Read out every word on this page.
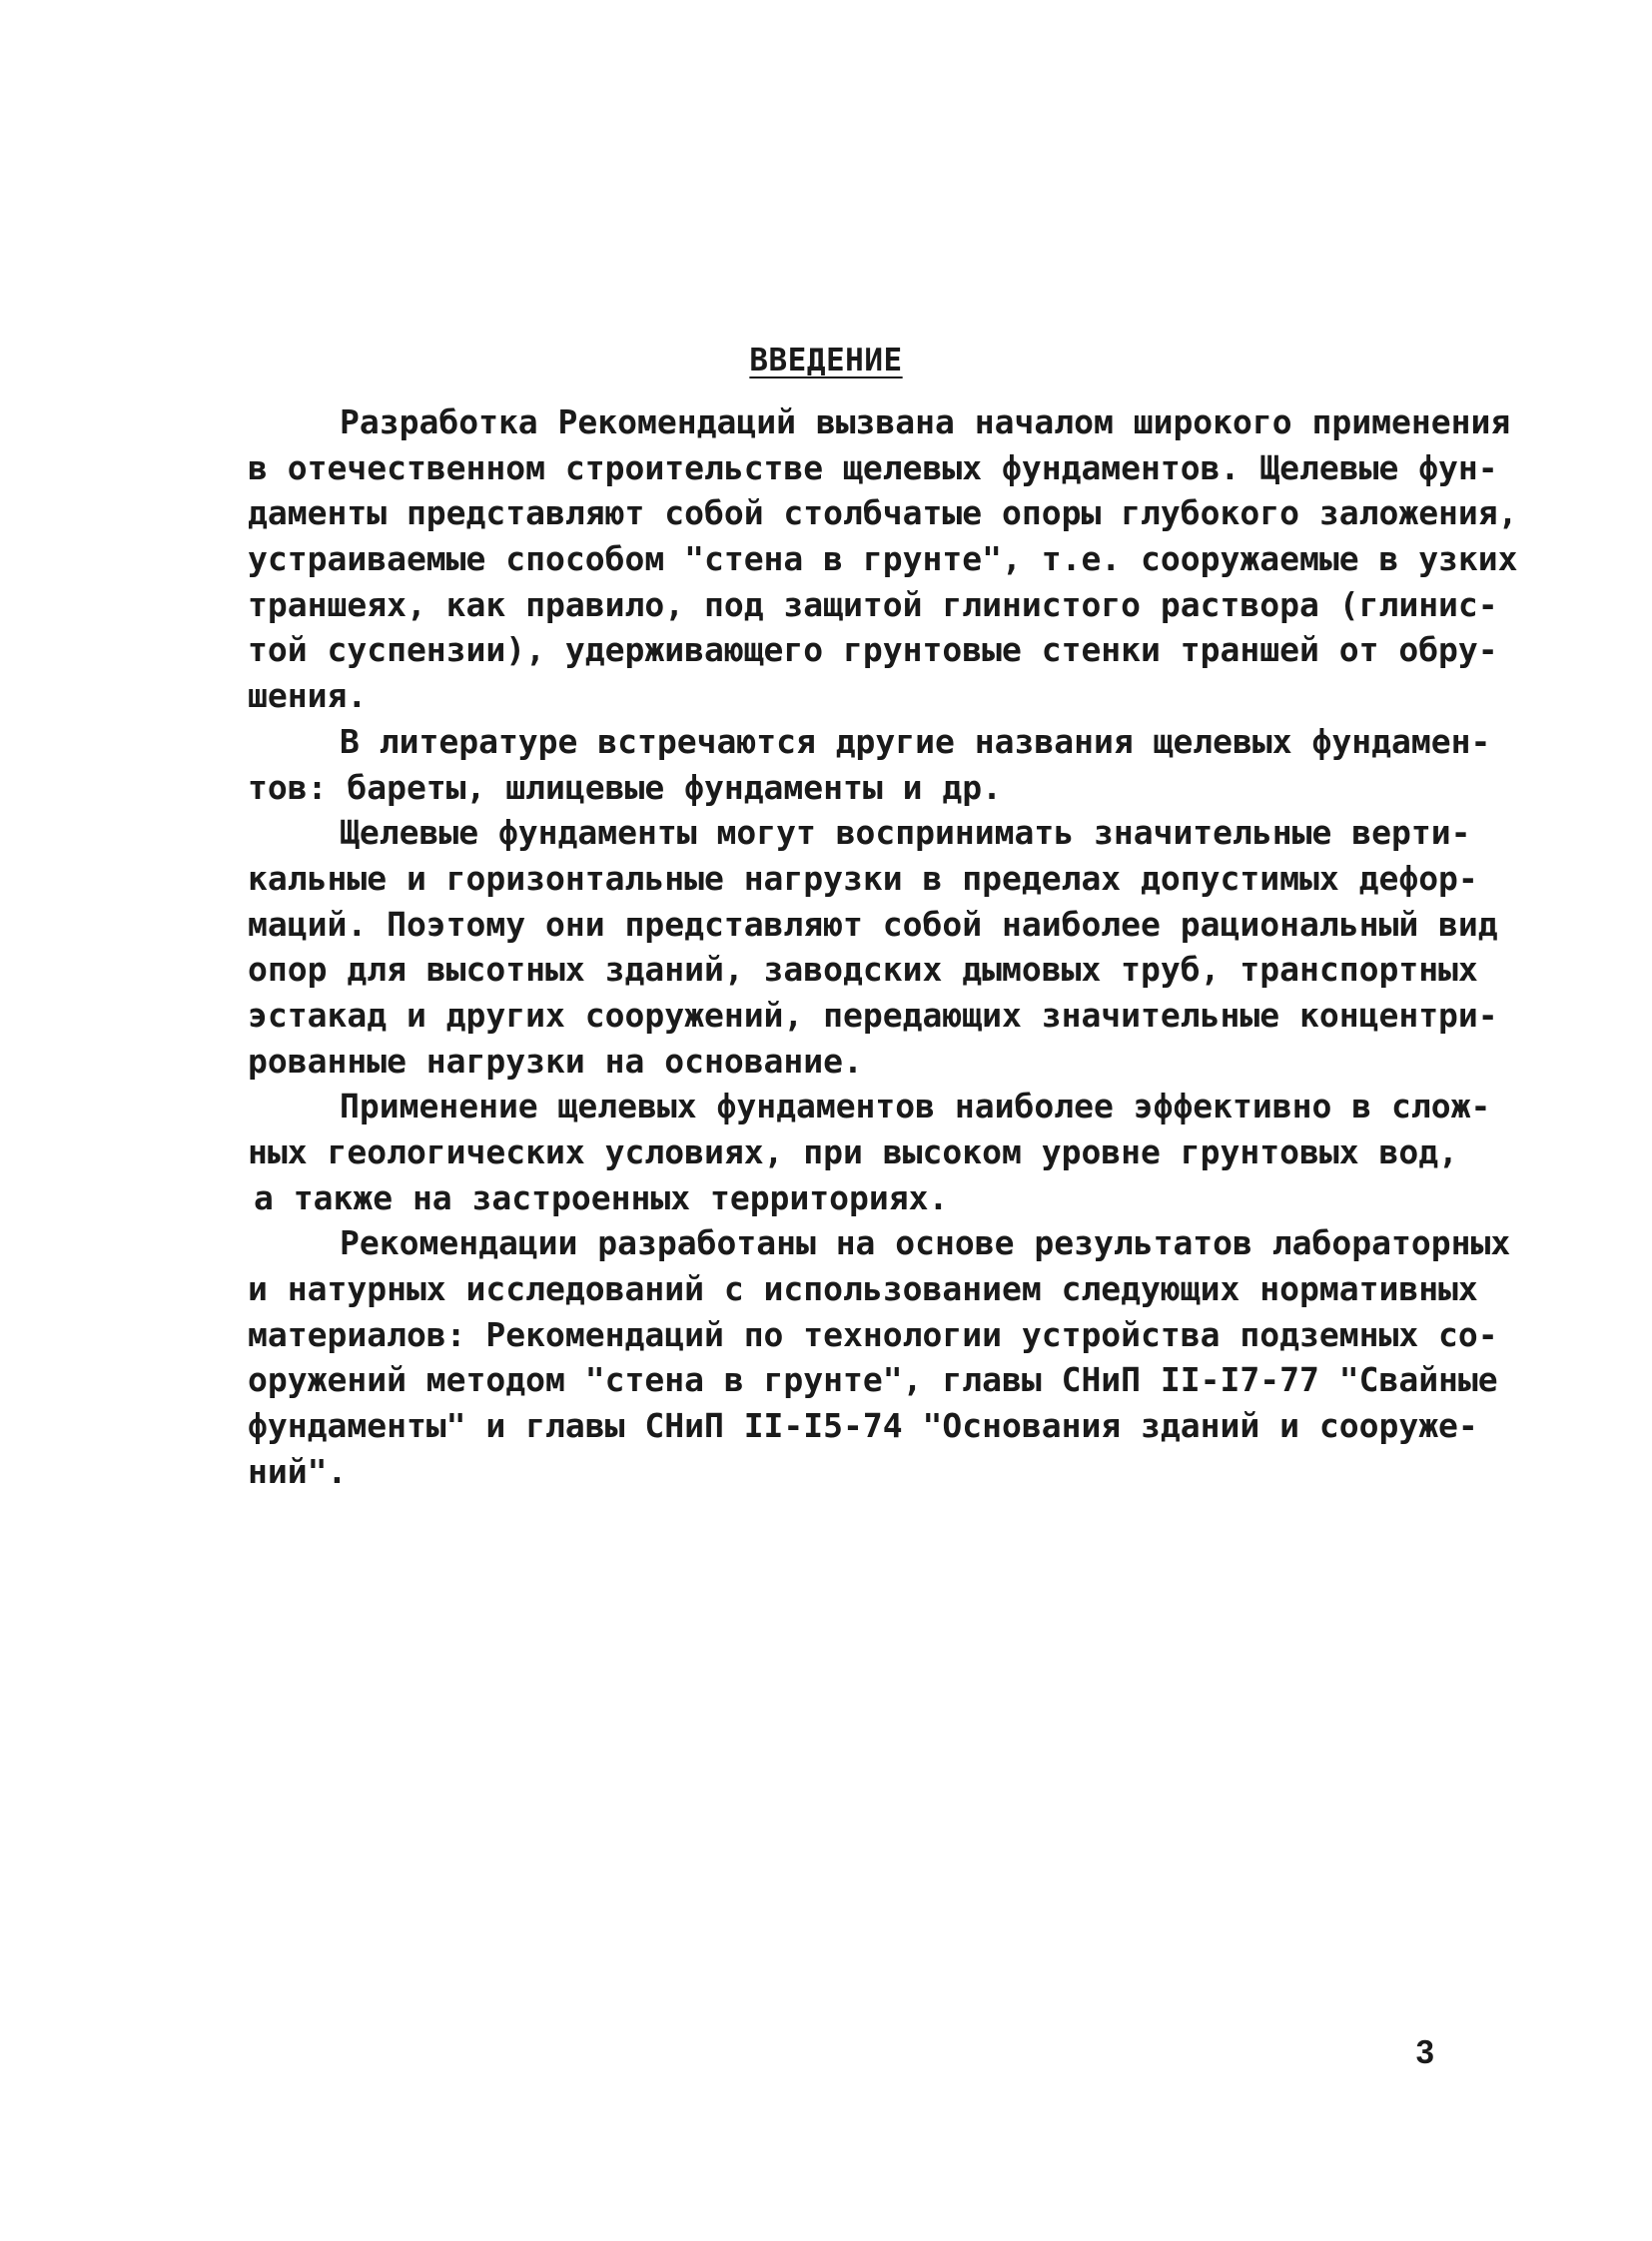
ВВЕДЕНИЕ
Разработка Рекомендаций вызвана началом широкого применения
в отечественном строительстве щелевых фундаментов. Щелевые фун-
даменты представляют собой столбчатые опоры глубокого заложения,
устраиваемые способом "стена в грунте", т.е. сооружаемые в узких
траншеях, как правило, под защитой глинистого раствора (глинис-
той суспензии), удерживающего грунтовые стенки траншей от обру-
шения.
В литературе встречаются другие названия щелевых фундамен-
тов: бареты, шлицевые фундаменты и др.
Щелевые фундаменты могут воспринимать значительные верти-
кальные и горизонтальные нагрузки в пределах допустимых дефор-
маций. Поэтому они представляют собой наиболее рациональный вид
опор для высотных зданий, заводских дымовых труб, транспортных
эстакад и других сооружений, передающих значительные концентри-
рованные нагрузки на основание.
Применение щелевых фундаментов наиболее эффективно в слож-
ных геологических условиях, при высоком уровне грунтовых вод,
а также на застроенных территориях.
Рекомендации разработаны на основе результатов лабораторных
и натурных исследований с использованием следующих нормативных
материалов: Рекомендаций по технологии устройства подземных со-
оружений методом "стена в грунте", главы СНиП II-I7-77 "Свайные
фундаменты" и главы СНиП II-I5-74 "Основания зданий и сооруже-
ний".
3
